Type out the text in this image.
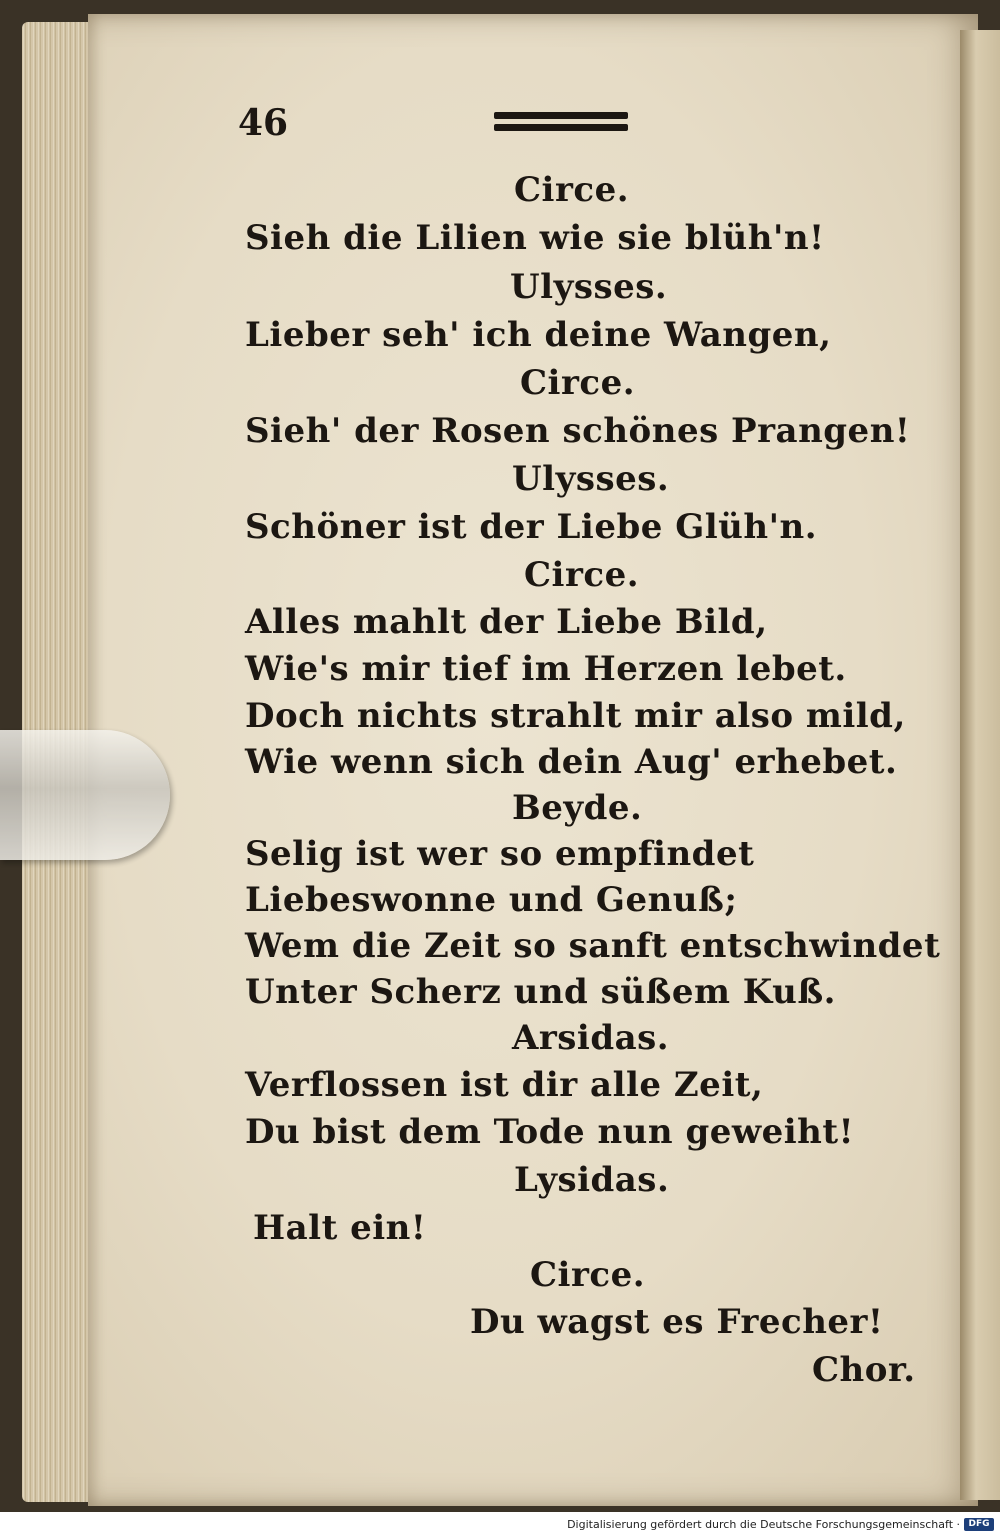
46
Circe.
Sieh die Lilien wie sie blüh'n!
Ulysses.
Lieber seh' ich deine Wangen,
Circe.
Sieh' der Rosen schönes Prangen!
Ulysses.
Schöner ist der Liebe Glüh'n.
Circe.
Alles mahlt der Liebe Bild,
Wie's mir tief im Herzen lebet.
Doch nichts strahlt mir also mild,
Wie wenn sich dein Aug' erhebet.
Beyde.
Selig ist wer so empfindet
Liebeswonne und Genuß;
Wem die Zeit so sanft entschwindet
Unter Scherz und süßem Kuß.
Arsidas.
Verflossen ist dir alle Zeit,
Du bist dem Tode nun geweiht!
Lysidas.
Halt ein!
Circe.
Du wagst es Frecher!
Chor.
Digitalisierung gefördert durch die Deutsche Forschungsgemeinschaft · DFG
